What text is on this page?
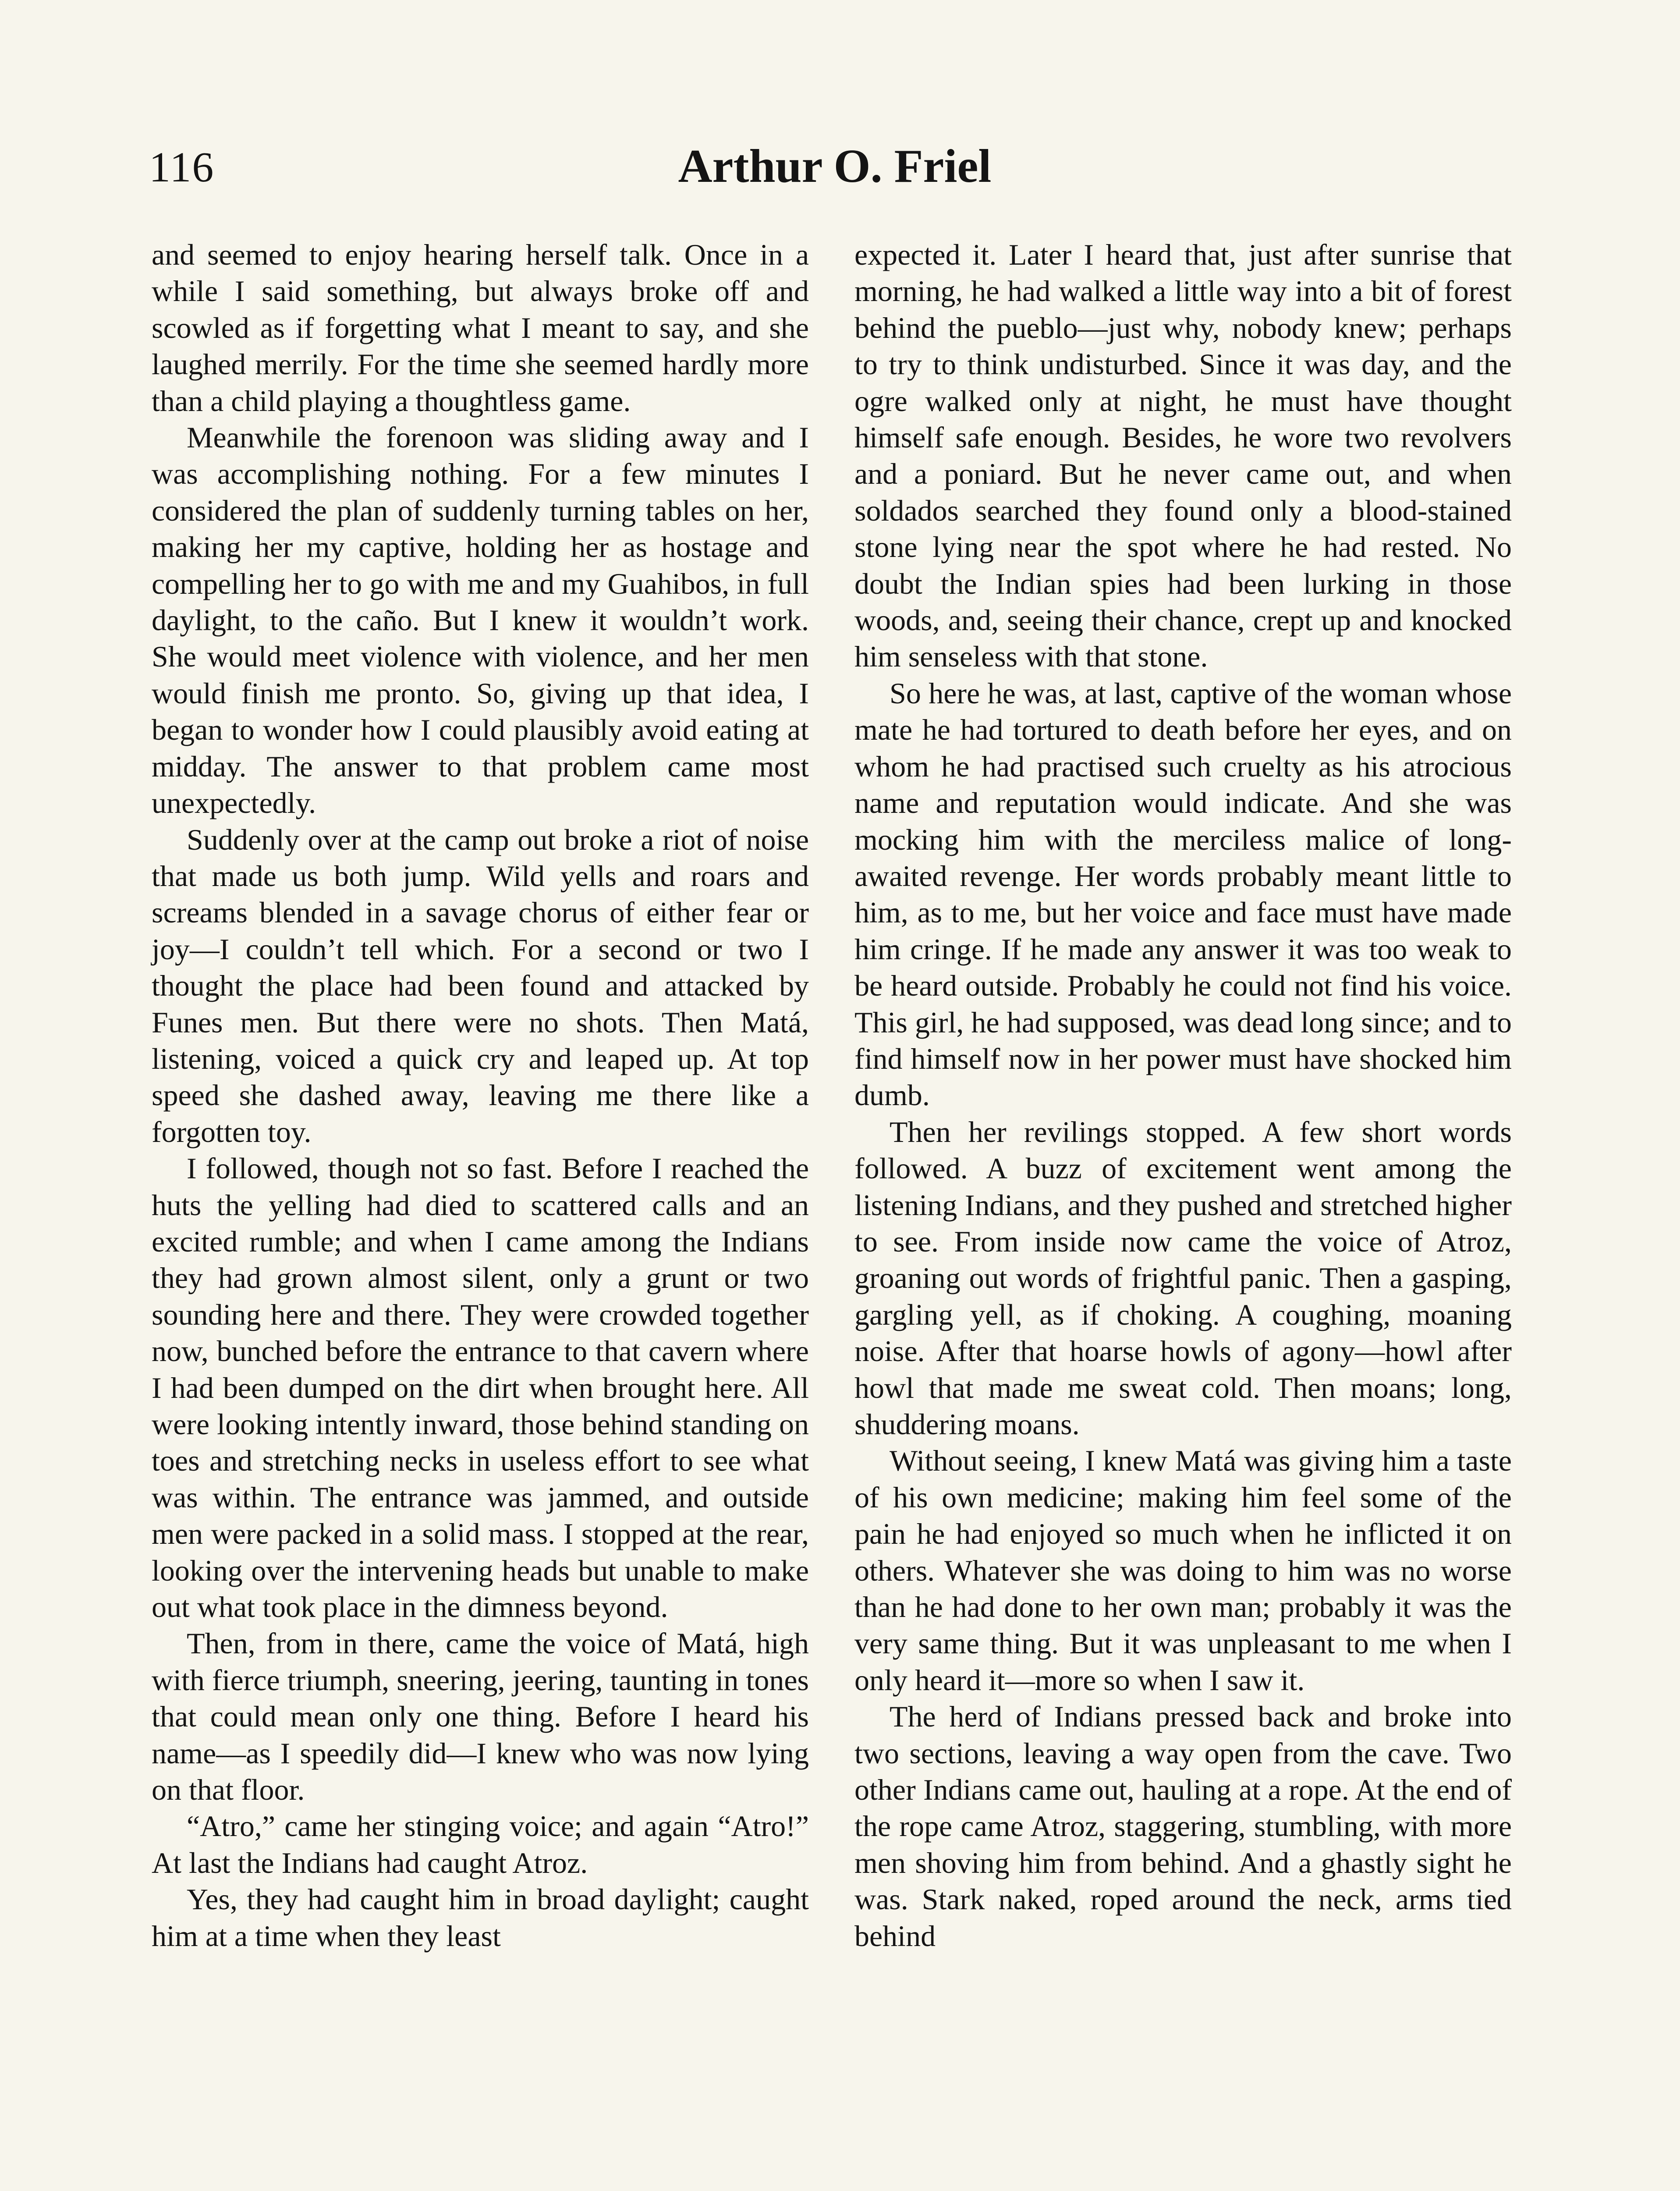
116	Arthur O. Friel

and seemed to enjoy hearing herself talk. Once in a while I said something, but always broke off and scowled as if forgetting what I meant to say, and she laughed merrily. For the time she seemed hardly more than a child playing a thoughtless game.

Meanwhile the forenoon was sliding away and I was accomplishing nothing. For a few minutes I considered the plan of suddenly turning tables on her, making her my captive, holding her as hostage and compelling her to go with me and my Guahibos, in full daylight, to the caño. But I knew it wouldn’t work. She would meet violence with violence, and her men would finish me pronto. So, giving up that idea, I began to wonder how I could plausibly avoid eating at midday. The answer to that problem came most unexpectedly.

Suddenly over at the camp out broke a riot of noise that made us both jump. Wild yells and roars and screams blended in a savage chorus of either fear or joy—I couldn’t tell which. For a second or two I thought the place had been found and attacked by Funes men. But there were no shots. Then Matá, listening, voiced a quick cry and leaped up. At top speed she dashed away, leaving me there like a forgotten toy.

I followed, though not so fast. Before I reached the huts the yelling had died to scattered calls and an excited rumble; and when I came among the Indians they had grown almost silent, only a grunt or two sounding here and there. They were crowded together now, bunched before the entrance to that cavern where I had been dumped on the dirt when brought here. All were looking intently inward, those behind standing on toes and stretching necks in useless effort to see what was within. The entrance was jammed, and outside men were packed in a solid mass. I stopped at the rear, looking over the intervening heads but unable to make out what took place in the dimness beyond.

Then, from in there, came the voice of Matá, high with fierce triumph, sneering, jeering, taunting in tones that could mean only one thing. Before I heard his name—as I speedily did—I knew who was now lying on that floor.

“Atro,” came her stinging voice; and again “Atro!” At last the Indians had caught Atroz.

Yes, they had caught him in broad daylight; caught him at a time when they least

expected it. Later I heard that, just after sunrise that morning, he had walked a little way into a bit of forest behind the pueblo—just why, nobody knew; perhaps to try to think undisturbed. Since it was day, and the ogre walked only at night, he must have thought himself safe enough. Besides, he wore two revolvers and a poniard. But he never came out, and when soldados searched they found only a blood-stained stone lying near the spot where he had rested. No doubt the Indian spies had been lurking in those woods, and, seeing their chance, crept up and knocked him senseless with that stone.

So here he was, at last, captive of the woman whose mate he had tortured to death before her eyes, and on whom he had practised such cruelty as his atrocious name and reputation would indicate. And she was mocking him with the merciless malice of long-awaited revenge. Her words probably meant little to him, as to me, but her voice and face must have made him cringe. If he made any answer it was too weak to be heard outside. Probably he could not find his voice. This girl, he had supposed, was dead long since; and to find himself now in her power must have shocked him dumb.

Then her revilings stopped. A few short words followed. A buzz of excitement went among the listening Indians, and they pushed and stretched higher to see. From inside now came the voice of Atroz, groaning out words of frightful panic. Then a gasping, gargling yell, as if choking. A coughing, moaning noise. After that hoarse howls of agony—howl after howl that made me sweat cold. Then moans; long, shuddering moans.

Without seeing, I knew Matá was giving him a taste of his own medicine; making him feel some of the pain he had enjoyed so much when he inflicted it on others. Whatever she was doing to him was no worse than he had done to her own man; probably it was the very same thing. But it was unpleasant to me when I only heard it—more so when I saw it.

The herd of Indians pressed back and broke into two sections, leaving a way open from the cave. Two other Indians came out, hauling at a rope. At the end of the rope came Atroz, staggering, stumbling, with more men shoving him from behind. And a ghastly sight he was. Stark naked, roped around the neck, arms tied behind
